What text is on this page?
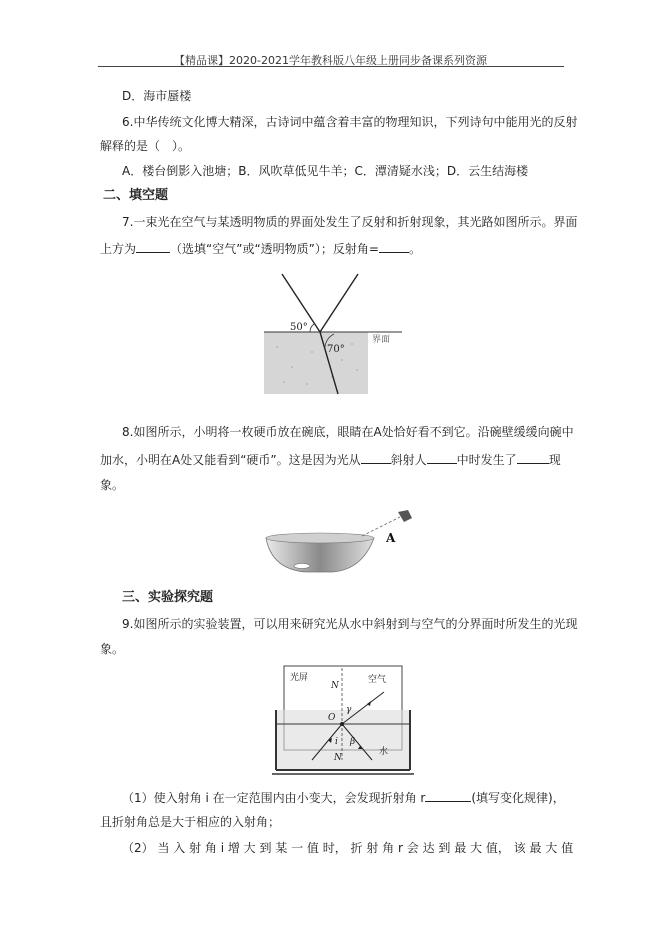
【精品课】2020-2021学年教科版八年级上册同步备课系列资源
D．海市蜃楼
6.中华传统文化博大精深，古诗词中蕴含着丰富的物理知识，下列诗句中能用光的反射
解释的是（　）。
A．楼台倒影入池塘；B．风吹草低见牛羊；C．潭清疑水浅；D．云生结海楼
二、填空题
7.一束光在空气与某透明物质的界面处发生了反射和折射现象，其光路如图所示。界面
上方为	（选填“空气”或“透明物质”）；反射角=	。
50°
70°
界面
8.如图所示，小明将一枚硬币放在碗底，眼睛在A处恰好看不到它。沿碗壁缓缓向碗中
加水，小明在A处又能看到“硬币”。这是因为光从	斜射人	中时发生了	现
象。
A
三、实验探究题
9.如图所示的实验装置，可以用来研究光从水中斜射到与空气的分界面时所发生的光现
象。
光屏	空气
水
N
N
O
γ
β
i
（1）使入射角 i 在一定范围内由小变大，会发现折射角 r	(填写变化规律)，
且折射角总是大于相应的入射角；
（2） 当 入 射 角 i 增 大 到 某 一 值 时， 折 射 角 r 会 达 到 最 大 值， 该 最 大 值
